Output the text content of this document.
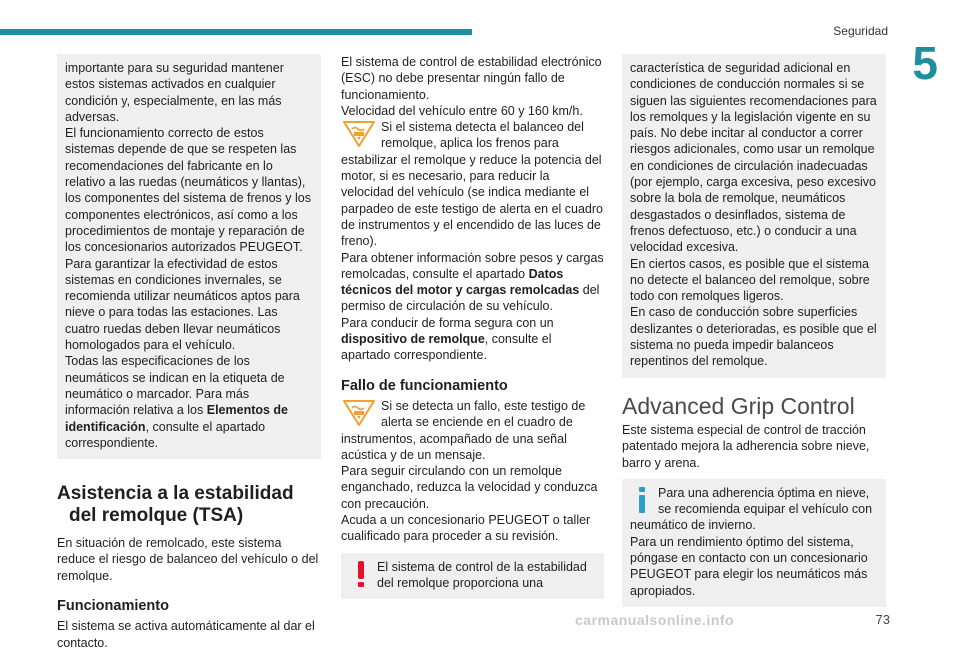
Seguridad
5

importante para su seguridad mantener estos sistemas activados en cualquier condición y, especialmente, en las más adversas.

El funcionamiento correcto de estos sistemas depende de que se respeten las recomendaciones del fabricante en lo relativo a las ruedas (neumáticos y llantas), los componentes del sistema de frenos y los componentes electrónicos, así como a los procedimientos de montaje y reparación de los concesionarios autorizados PEUGEOT.

Para garantizar la efectividad de estos sistemas en condiciones invernales, se recomienda utilizar neumáticos aptos para nieve o para todas las estaciones. Las cuatro ruedas deben llevar neumáticos homologados para el vehículo.

Todas las especificaciones de los neumáticos se indican en la etiqueta de neumático o marcador. Para más información relativa a los Elementos de identificación, consulte el apartado correspondiente.

Asistencia a la estabilidad
del remolque (TSA)

En situación de remolcado, este sistema reduce el riesgo de balanceo del vehículo o del remolque.

Funcionamiento

El sistema se activa automáticamente al dar el contacto.

El sistema de control de estabilidad electrónico (ESC) no debe presentar ningún fallo de funcionamiento.

Velocidad del vehículo entre 60 y 160 km/h.

Si el sistema detecta el balanceo del remolque, aplica los frenos para estabilizar el remolque y reduce la potencia del motor, si es necesario, para reducir la velocidad del vehículo (se indica mediante el parpadeo de este testigo de alerta en el cuadro de instrumentos y el encendido de las luces de freno).

Para obtener información sobre pesos y cargas remolcadas, consulte el apartado Datos técnicos del motor y cargas remolcadas del permiso de circulación de su vehículo.

Para conducir de forma segura con un dispositivo de remolque, consulte el apartado correspondiente.

Fallo de funcionamiento

Si se detecta un fallo, este testigo de alerta se enciende en el cuadro de instrumentos, acompañado de una señal acústica y de un mensaje.

Para seguir circulando con un remolque enganchado, reduzca la velocidad y conduzca con precaución.

Acuda a un concesionario PEUGEOT o taller cualificado para proceder a su revisión.

El sistema de control de la estabilidad del remolque proporciona una

característica de seguridad adicional en condiciones de conducción normales si se siguen las siguientes recomendaciones para los remolques y la legislación vigente en su país. No debe incitar al conductor a correr riesgos adicionales, como usar un remolque en condiciones de circulación inadecuadas (por ejemplo, carga excesiva, peso excesivo sobre la bola de remolque, neumáticos desgastados o desinflados, sistema de frenos defectuoso, etc.) o conducir a una velocidad excesiva.

En ciertos casos, es posible que el sistema no detecte el balanceo del remolque, sobre todo con remolques ligeros.

En caso de conducción sobre superficies deslizantes o deterioradas, es posible que el sistema no pueda impedir balanceos repentinos del remolque.

Advanced Grip Control

Este sistema especial de control de tracción patentado mejora la adherencia sobre nieve, barro y arena.

Para una adherencia óptima en nieve, se recomienda equipar el vehículo con neumático de invierno.

Para un rendimiento óptimo del sistema, póngase en contacto con un concesionario PEUGEOT para elegir los neumáticos más apropiados.

carmanualsonline.info	73
